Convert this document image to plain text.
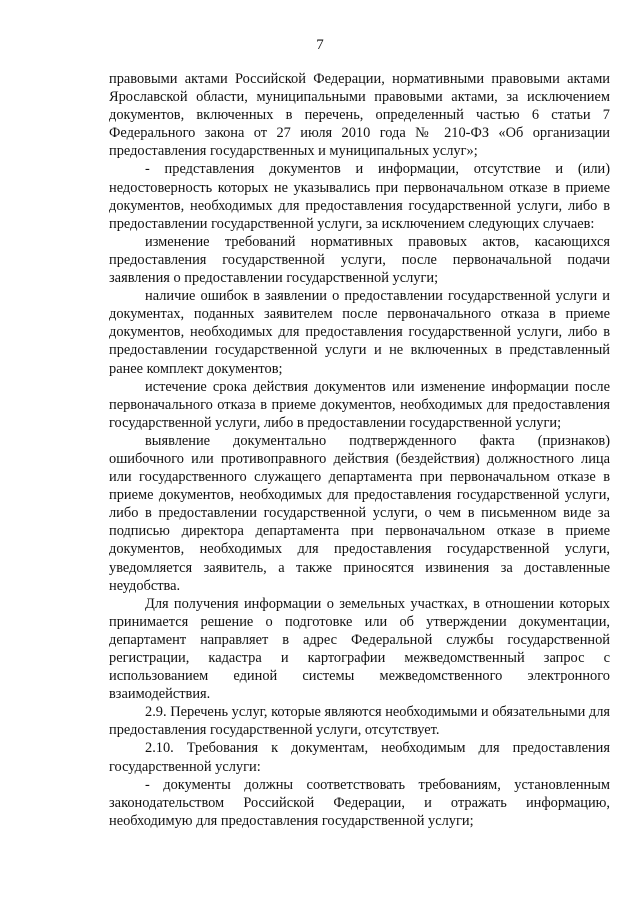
7

правовыми актами Российской Федерации, нормативными правовыми актами Ярославской области, муниципальными правовыми актами, за исключением документов, включенных в перечень, определенный частью 6 статьи 7 Федерального закона от 27 июля 2010 года № 210-ФЗ «Об организации предоставления государственных и муниципальных услуг»;

- представления документов и информации, отсутствие и (или) недостоверность которых не указывались при первоначальном отказе в приеме документов, необходимых для предоставления государственной услуги, либо в предоставлении государственной услуги, за исключением следующих случаев:

изменение требований нормативных правовых актов, касающихся предоставления государственной услуги, после первоначальной подачи заявления о предоставлении государственной услуги;

наличие ошибок в заявлении о предоставлении государственной услуги и документах, поданных заявителем после первоначального отказа в приеме документов, необходимых для предоставления государственной услуги, либо в предоставлении государственной услуги и не включенных в представленный ранее комплект документов;

истечение срока действия документов или изменение информации после первоначального отказа в приеме документов, необходимых для предоставления государственной услуги, либо в предоставлении государственной услуги;

выявление документально подтвержденного факта (признаков) ошибочного или противоправного действия (бездействия) должностного лица или государственного служащего департамента при первоначальном отказе в приеме документов, необходимых для предоставления государственной услуги, либо в предоставлении государственной услуги, о чем в письменном виде за подписью директора департамента при первоначальном отказе в приеме документов, необходимых для предоставления государственной услуги, уведомляется заявитель, а также приносятся извинения за доставленные неудобства.

Для получения информации о земельных участках, в отношении которых принимается решение о подготовке или об утверждении документации, департамент направляет в адрес Федеральной службы государственной регистрации, кадастра и картографии межведомственный запрос с использованием единой системы межведомственного электронного взаимодействия.

2.9. Перечень услуг, которые являются необходимыми и обязательными для предоставления государственной услуги, отсутствует.

2.10. Требования к документам, необходимым для предоставления государственной услуги:

- документы должны соответствовать требованиям, установленным законодательством Российской Федерации, и отражать информацию, необходимую для предоставления государственной услуги;
